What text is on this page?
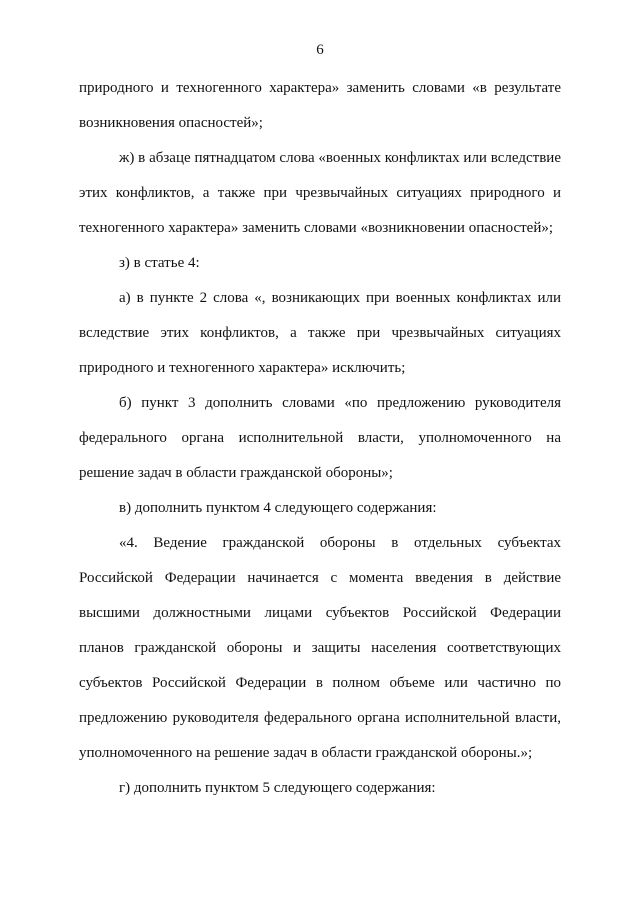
6
природного и техногенного характера» заменить словами «в результате
возникновения опасностей»;
ж) в абзаце пятнадцатом слова «военных конфликтах или вследствие
этих конфликтов, а также при чрезвычайных ситуациях природного и
техногенного характера» заменить словами «возникновении опасностей»;
з) в статье 4:
а) в пункте 2 слова «, возникающих при военных конфликтах или
вследствие этих конфликтов, а также при чрезвычайных ситуациях
природного и техногенного характера» исключить;
б) пункт 3 дополнить словами «по предложению руководителя
федерального органа исполнительной власти, уполномоченного на
решение задач в области гражданской обороны»;
в) дополнить пунктом 4 следующего содержания:
«4. Ведение гражданской обороны в отдельных субъектах
Российской Федерации начинается с момента введения в действие
высшими должностными лицами субъектов Российской Федерации
планов гражданской обороны и защиты населения соответствующих
субъектов Российской Федерации в полном объеме или частично по
предложению руководителя федерального органа исполнительной власти,
уполномоченного на решение задач в области гражданской обороны.»;
г) дополнить пунктом 5 следующего содержания:
